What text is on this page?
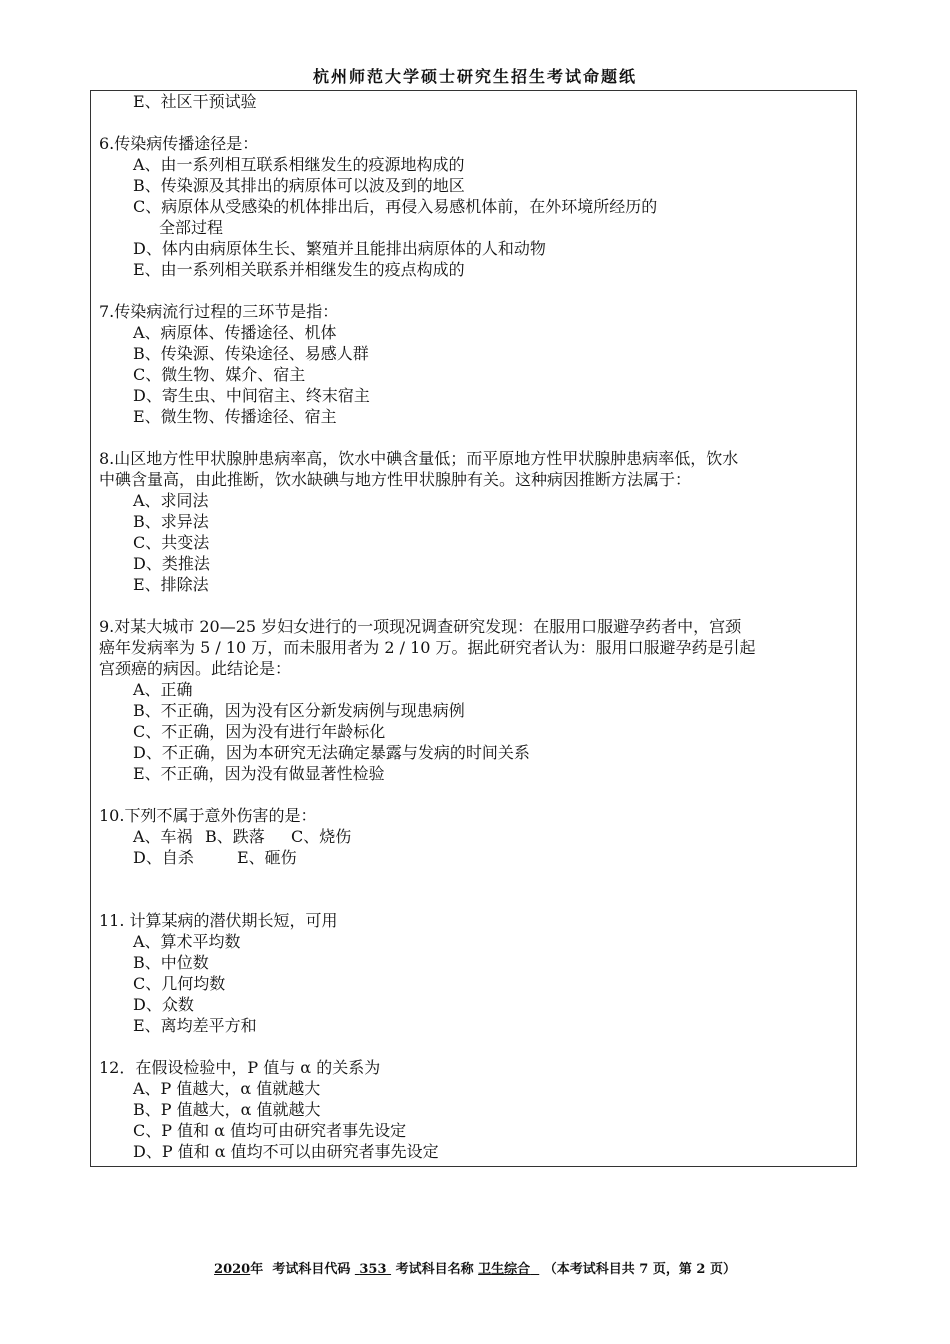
杭州师范大学硕士研究生招生考试命题纸
E、社区干预试验
6.传染病传播途径是：
A、由一系列相互联系相继发生的疫源地构成的
B、传染源及其排出的病原体可以波及到的地区
C、病原体从受感染的机体排出后，再侵入易感机体前，在外环境所经历的
全部过程
D、体内由病原体生长、繁殖并且能排出病原体的人和动物
E、由一系列相关联系并相继发生的疫点构成的
7.传染病流行过程的三环节是指：
A、病原体、传播途径、机体
B、传染源、传染途径、易感人群
C、微生物、媒介、宿主
D、寄生虫、中间宿主、终末宿主
E、微生物、传播途径、宿主
8.山区地方性甲状腺肿患病率高，饮水中碘含量低；而平原地方性甲状腺肿患病率低，饮水
中碘含量高，由此推断，饮水缺碘与地方性甲状腺肿有关。这种病因推断方法属于：
A、求同法
B、求异法
C、共变法
D、类推法
E、排除法
9.对某大城市 20—25 岁妇女进行的一项现况调查研究发现：在服用口服避孕药者中，宫颈
癌年发病率为 5 / 10 万，而未服用者为 2 / 10 万。据此研究者认为：服用口服避孕药是引起
宫颈癌的病因。此结论是：
A、正确
B、不正确，因为没有区分新发病例与现患病例
C、不正确，因为没有进行年龄标化
D、不正确，因为本研究无法确定暴露与发病的时间关系
E、不正确，因为没有做显著性检验
10.下列不属于意外伤害的是：
A、车祸 B、跌落 C、烧伤
D、自杀	E、砸伤
11. 计算某病的潜伏期长短，可用
A、算术平均数
B、中位数
C、几何均数
D、众数
E、离均差平方和
12．在假设检验中，P 值与 α 的关系为
A、P 值越大，α 值就越大
B、P 值越大，α 值就越大
C、P 值和 α 值均可由研究者事先设定
D、P 值和 α 值均不可以由研究者事先设定
2020年 考试科目代码 353 考试科目名称 卫生综合 （本考试科目共 7 页，第 2 页）
